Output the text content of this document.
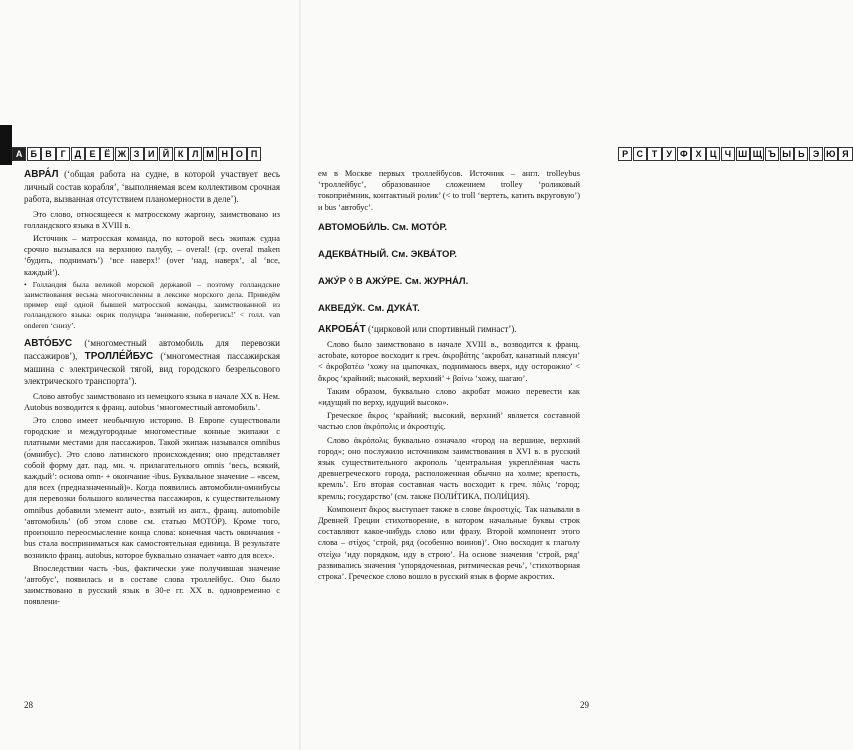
А Б В Г Д Е Ё Ж З И Й К Л М Н О П

АВРА́Л (‘общая работа на судне, в которой участвует весь личный состав корабля’, ‘выполняемая всем коллективом срочная работа, вызванная отсутствием планомерности в деле’).

Это слово, относящееся к матросскому жаргону, заимствовано из голландского языка в XVIII в.

Источник – матросская команда, по которой весь экипаж судна срочно вызывался на верхнюю палубу, – overal! (ср. overal maken ‘будить, поднимать’) ‘все наверх!’ (over ‘над, наверх’, al ‘все, каждый’).

• Голландия была великой морской державой – поэтому голландские заимствования весьма многочисленны в лексике морского дела. Приведём пример ещё одной бывшей матросской команды, заимствованной из голландского языка: окрик полундра ‘внимание, поберегись!’ < голл. van onderen ‘снизу’.

АВТО́БУС (‘многоместный автомобиль для перевозки пассажиров’), ТРОЛЛЕ́ЙБУС (‘многоместная пассажирская машина с электрической тягой, вид городского безрельсового электрического транспорта’).

Слово автобус заимствовано из немецкого языка в начале XX в. Нем. Autobus возводится к франц. autobus ‘многоместный автомобиль’.

Это слово имеет необычную историю. В Европе существовали городские и междугородные многоместные конные экипажи с платными местами для пассажиров. Такой экипаж назывался omnibus (о́мнибус). Это слово латинского происхождения; оно представляет собой форму дат. пад. мн. ч. прилагательного omnis ‘весь, всякий, каждый’: основа omn- + окончание -ibus. Буквальное значение – «всем, для всех (предназначенный)». Когда появились автомобили-омнибусы для перевозки большого количества пассажиров, к существительному omnibus добавили элемент auto-, взятый из англ., франц. automobile ‘автомобиль’ (об этом слове см. статью МОТО́Р). Кроме того, произошло переосмысление конца слова: конечная часть окончания -bus стала восприниматься как самостоятельная единица. В результате возникло франц. autobus, которое буквально означает «авто для всех».

Впоследствии часть -bus, фактически уже получившая значение ‘автобус’, появилась и в составе слова троллейбус. Оно было заимствовано в русский язык в 30-е гг. XX в. одновременно с появлени-

28
Р С Т	У Ф Х Ц Ч Ш Щ Ъ Ы Ь Э Ю Я

ем в Москве первых троллейбусов. Источник – англ. trolleybus ‘троллейбус’, образованное сложением trolley ‘роликовый токоприёмник, контактный ролик’ (< to troll ‘вертеть, катить вкруговую’) и bus ‘автобус’.

АВТОМОБИ́ЛЬ. См. МОТО́Р.

АДЕКВА́ТНЫЙ. См. ЭКВА́ТОР.

АЖУ́Р ◊ В АЖУ́РЕ. См. ЖУРНА́Л.

АКВЕДУ́К. См. ДУКА́Т.

АКРОБА́Т (‘цирковой или спортивный гимнаст’).

Слово было заимствовано в начале XVIII в., возводится к франц. acrobate, которое восходит к греч. ἀκροβάτης ‘акробат, канатный плясун’ < ἀκροβατέω ‘хожу на цыпочках, поднимаюсь вверх, иду осторожно’ < ἄκρος ‘крайний; высокий, верхний’ + βαίνω ‘хожу, шагаю’.

Таким образом, буквально слово акробат можно перевести как «идущий по верху, идущий высоко».

Греческое ἄκρος ‘крайний; высокий, верхний’ является составной частью слов ἀκρόπολις и ἀκροστιχίς.

Слово ἀκρόπολις буквально означало «город на вершине, верхний город»; оно послужило источником заимствования в XVI в. в русский язык существительного акрополь ‘центральная укреплённая часть древнегреческого города, расположенная обычно на холме; крепость, кремль’. Его вторая составная часть восходит к греч. πόλις ‘город; кремль; государство’ (см. также ПОЛИ́ТИКА, ПОЛИ́ЦИЯ).

Компонент ἄκρος выступает также в слове ἀκροστιχίς. Так называли в Древней Греции стихотворение, в котором начальные буквы строк составляют какое-нибудь слово или фразу. Второй компонент этого слова – στίχος ‘строй, ряд (особенно воинов)’. Оно восходит к глаголу στείχω ‘иду порядком, иду в строю’. На основе значения ‘строй, ряд’ развивались значения ‘упорядоченная, ритмическая речь’, ‘стихотворная строка’. Греческое слово вошло в русский язык в форме акростих.

29
